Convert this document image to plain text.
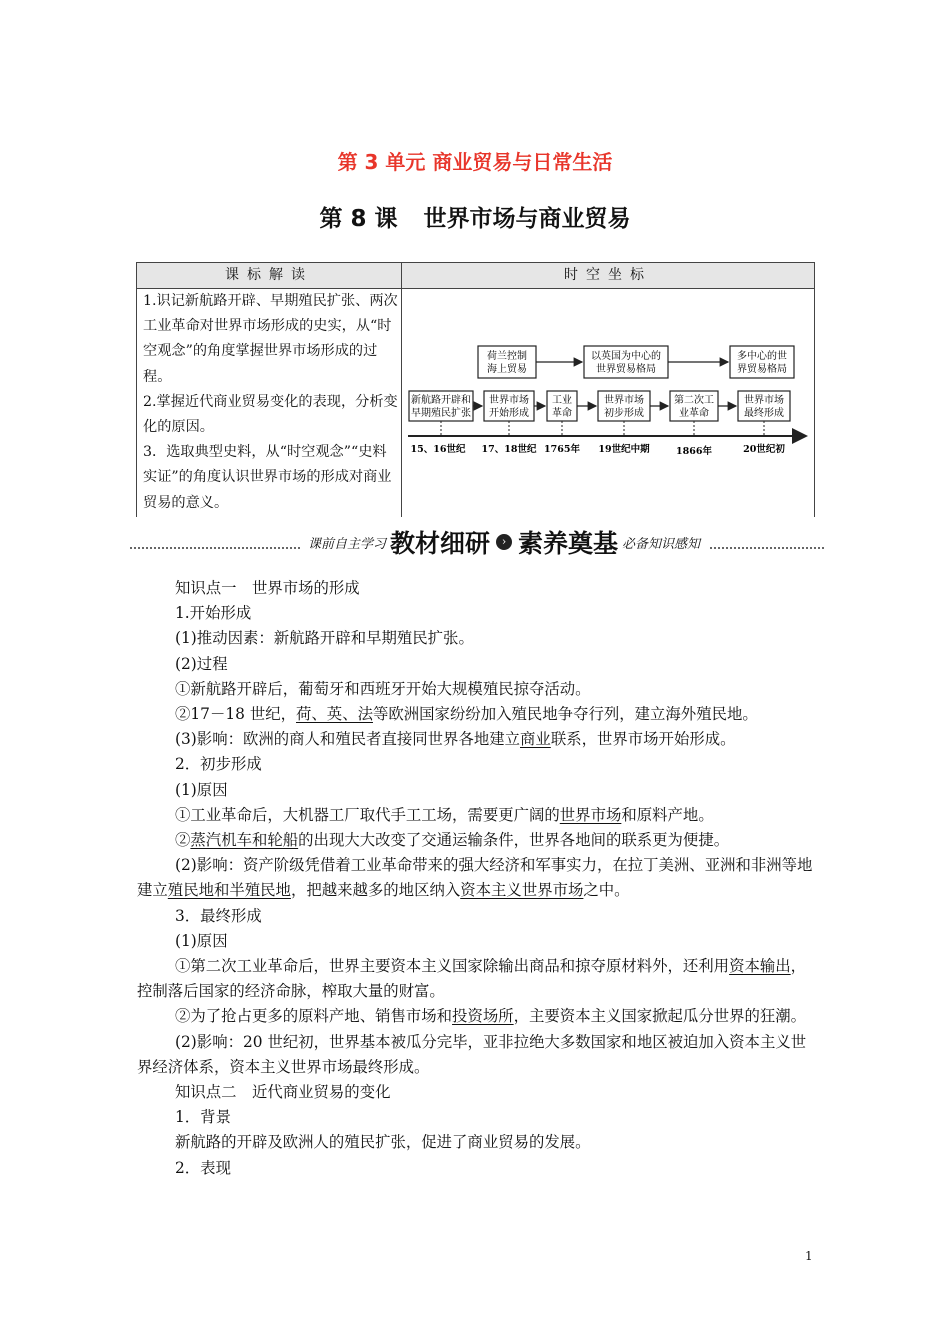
第 3 单元 商业贸易与日常生活
第 8 课 世界市场与商业贸易
课标解读	时空坐标

1.识记新航路开辟、早期殖民扩张、两次工业革命对世界市场形成的史实，从“时空观念”的角度掌握世界市场形成的过程。

2.掌握近代商业贸易变化的表现，分析变化的原因。

3．选取典型史料，从“时空观念”“史料实证”的角度认识世界市场的形成对商业贸易的意义。

荷兰控制
海上贸易
以英国为中心的
世界贸易格局
多中心的世
界贸易格局
新航路开辟和
早期殖民扩张
世界市场
开始形成
工业
革命
世界市场
初步形成
第二次工
业革命
世界市场
最终形成
15、16世纪 17、18世纪 1765年 19世纪中期	1866年	20世纪初
课前自主学习 教材细研	› 素养奠基 必备知识感知

知识点一　世界市场的形成

1.开始形成

(1)推动因素：新航路开辟和早期殖民扩张。

(2)过程

①新航路开辟后，葡萄牙和西班牙开始大规模殖民掠夺活动。

②17－18 世纪，荷、英、法等欧洲国家纷纷加入殖民地争夺行列，建立海外殖民地。

(3)影响：欧洲的商人和殖民者直接同世界各地建立商业联系，世界市场开始形成。

2．初步形成

(1)原因

①工业革命后，大机器工厂取代手工工场，需要更广阔的世界市场和原料产地。

②蒸汽机车和轮船的出现大大改变了交通运输条件，世界各地间的联系更为便捷。

(2)影响：资产阶级凭借着工业革命带来的强大经济和军事实力，在拉丁美洲、亚洲和非洲等地建立殖民地和半殖民地，把越来越多的地区纳入资本主义世界市场之中。

3．最终形成

(1)原因

①第二次工业革命后，世界主要资本主义国家除输出商品和掠夺原材料外，还利用资本输出，控制落后国家的经济命脉，榨取大量的财富。

②为了抢占更多的原料产地、销售市场和投资场所，主要资本主义国家掀起瓜分世界的狂潮。

(2)影响：20 世纪初，世界基本被瓜分完毕，亚非拉绝大多数国家和地区被迫加入资本主义世界经济体系，资本主义世界市场最终形成。

知识点二　近代商业贸易的变化

1．背景

新航路的开辟及欧洲人的殖民扩张，促进了商业贸易的发展。

2．表现

1
